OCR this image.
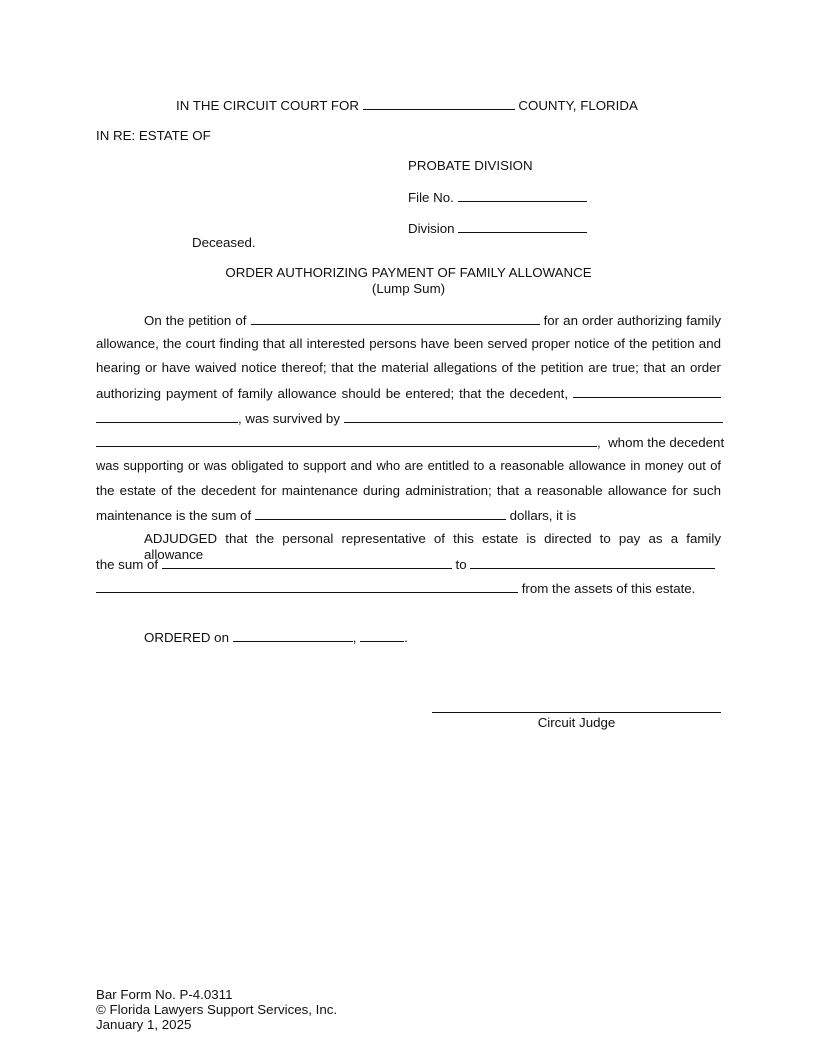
IN THE CIRCUIT COURT FOR	COUNTY, FLORIDA
IN RE: ESTATE OF
PROBATE DIVISION
File No.
Division
Deceased.
ORDER AUTHORIZING PAYMENT OF FAMILY ALLOWANCE
(Lump Sum)
On the petition of	for an order authorizing family
allowance, the court finding that all interested persons have been served proper notice of the petition and
hearing or have waived notice thereof; that the material allegations of the petition are true; that an order
authorizing payment of family allowance should be entered; that the decedent,
, was survived by
,  whom the decedent
was supporting or was obligated to support and who are entitled to a reasonable allowance in money out of
the estate of the decedent for maintenance during administration; that a reasonable allowance for such
maintenance is the sum of	dollars, it is
ADJUDGED that the personal representative of this estate is directed to pay as a family allowance
the sum of	to
from the assets of this estate.
ORDERED on	,	.
Circuit Judge
Bar Form No. P-4.0311
© Florida Lawyers Support Services, Inc.
January 1, 2025
